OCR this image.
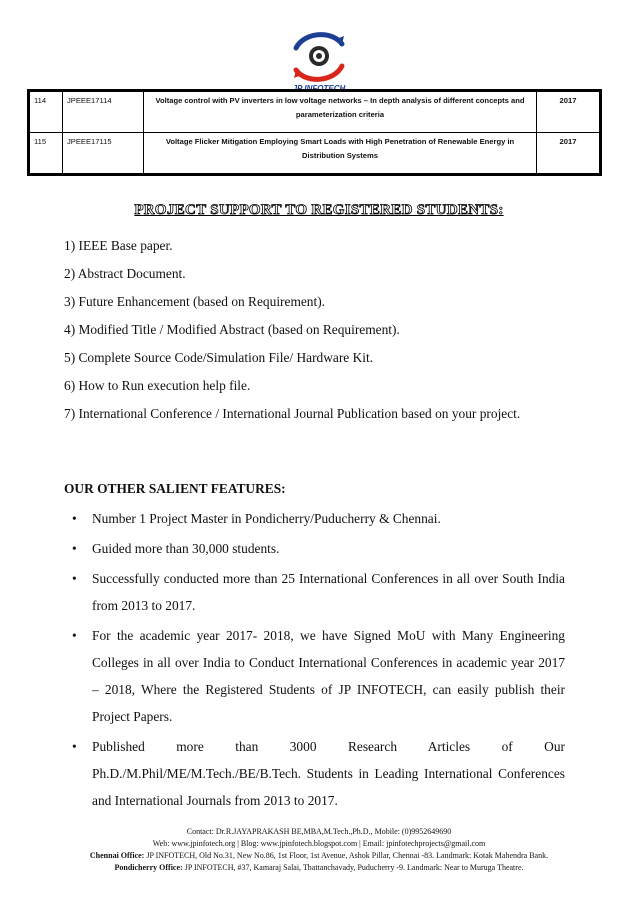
JP INFOTECH
114	JPEEE17114	Voltage control with PV inverters in low voltage networks – In depth analysis of different concepts and parameterization criteria	2017
115	JPEEE17115	Voltage Flicker Mitigation Employing Smart Loads with High Penetration of Renewable Energy in Distribution Systems	2017
PROJECT SUPPORT TO REGISTERED STUDENTS:
1) IEEE Base paper.
2) Abstract Document.
3) Future Enhancement (based on Requirement).
4) Modified Title / Modified Abstract (based on Requirement).
5) Complete Source Code/Simulation File/ Hardware Kit.
6) How to Run execution help file.
7) International Conference / International Journal Publication based on your project.
OUR OTHER SALIENT FEATURES:
• Number 1 Project Master in Pondicherry/Puducherry & Chennai.
• Guided more than 30,000 students.
• Successfully conducted more than 25 International Conferences in all over South India from 2013 to 2017.
• For the academic year 2017- 2018, we have Signed MoU with Many Engineering Colleges in all over India to Conduct International Conferences in academic year 2017 – 2018, Where the Registered Students of JP INFOTECH, can easily publish their Project Papers.
• Published more than 3000 Research Articles of Our Ph.D./M.Phil/ME/M.Tech./BE/B.Tech. Students in Leading International Conferences and International Journals from 2013 to 2017.
Contact: Dr.R.JAYAPRAKASH BE,MBA,M.Tech.,Ph.D., Mobile: (0)9952649690
Web: www.jpinfotech.org | Blog: www.jpinfotech.blogspot.com | Email: jpinfotechprojects@gmail.com
Chennai Office: JP INFOTECH, Old No.31, New No.86, 1st Floor, 1st Avenue, Ashok Pillar, Chennai -83. Landmark: Kotak Mahendra Bank.
Pondicherry Office: JP INFOTECH, #37, Kamaraj Salai, Thattanchavady, Puducherry -9. Landmark: Near to Muruga Theatre.
